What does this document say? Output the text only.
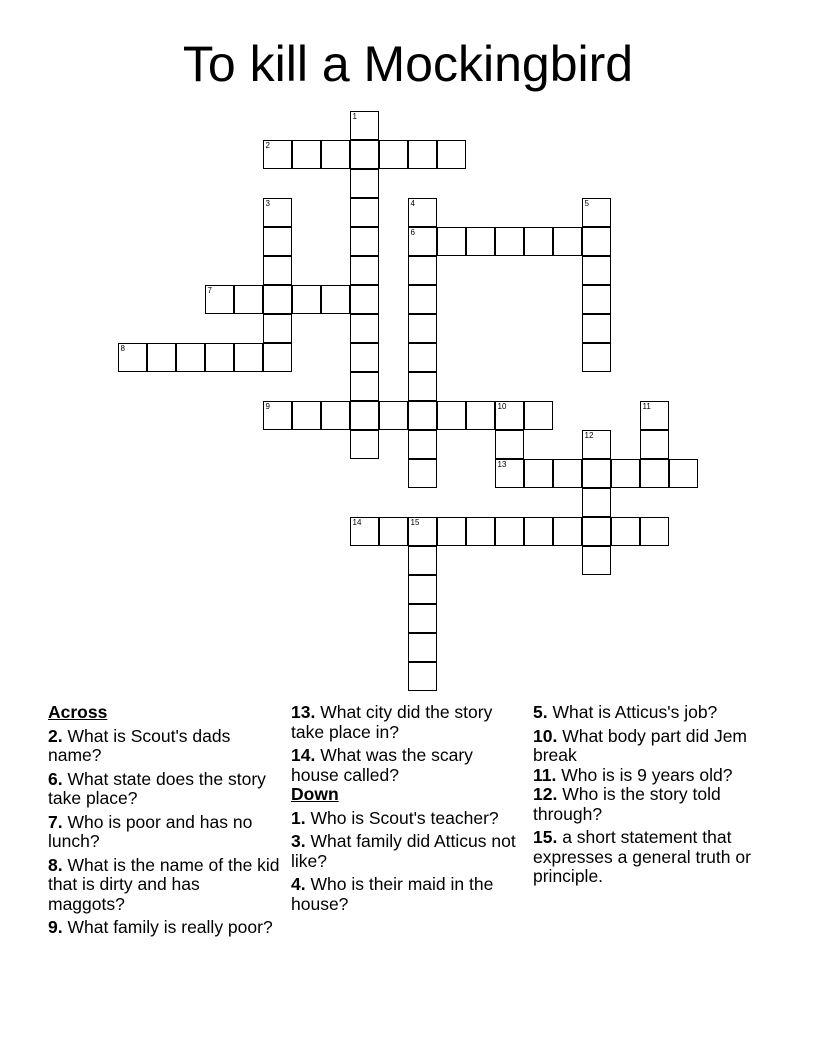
To kill a Mockingbird
2
6
7
8
9	10
13
14	15
1
3	4	5
11
12
Across
2. What is Scout's dads name?
6. What state does the story take place?
7. Who is poor and has no lunch?
8. What is the name of the kid that is dirty and has maggots?
9. What family is really poor?
13. What city did the story take place in?
14. What was the scary house called?
Down
1. Who is Scout's teacher?
3. What family did Atticus not like?
4. Who is their maid in the house?
5. What is Atticus's job?
10. What body part did Jem break
11. Who is is 9 years old?
12. Who is the story told through?
15. a short statement that expresses a general truth or principle.
